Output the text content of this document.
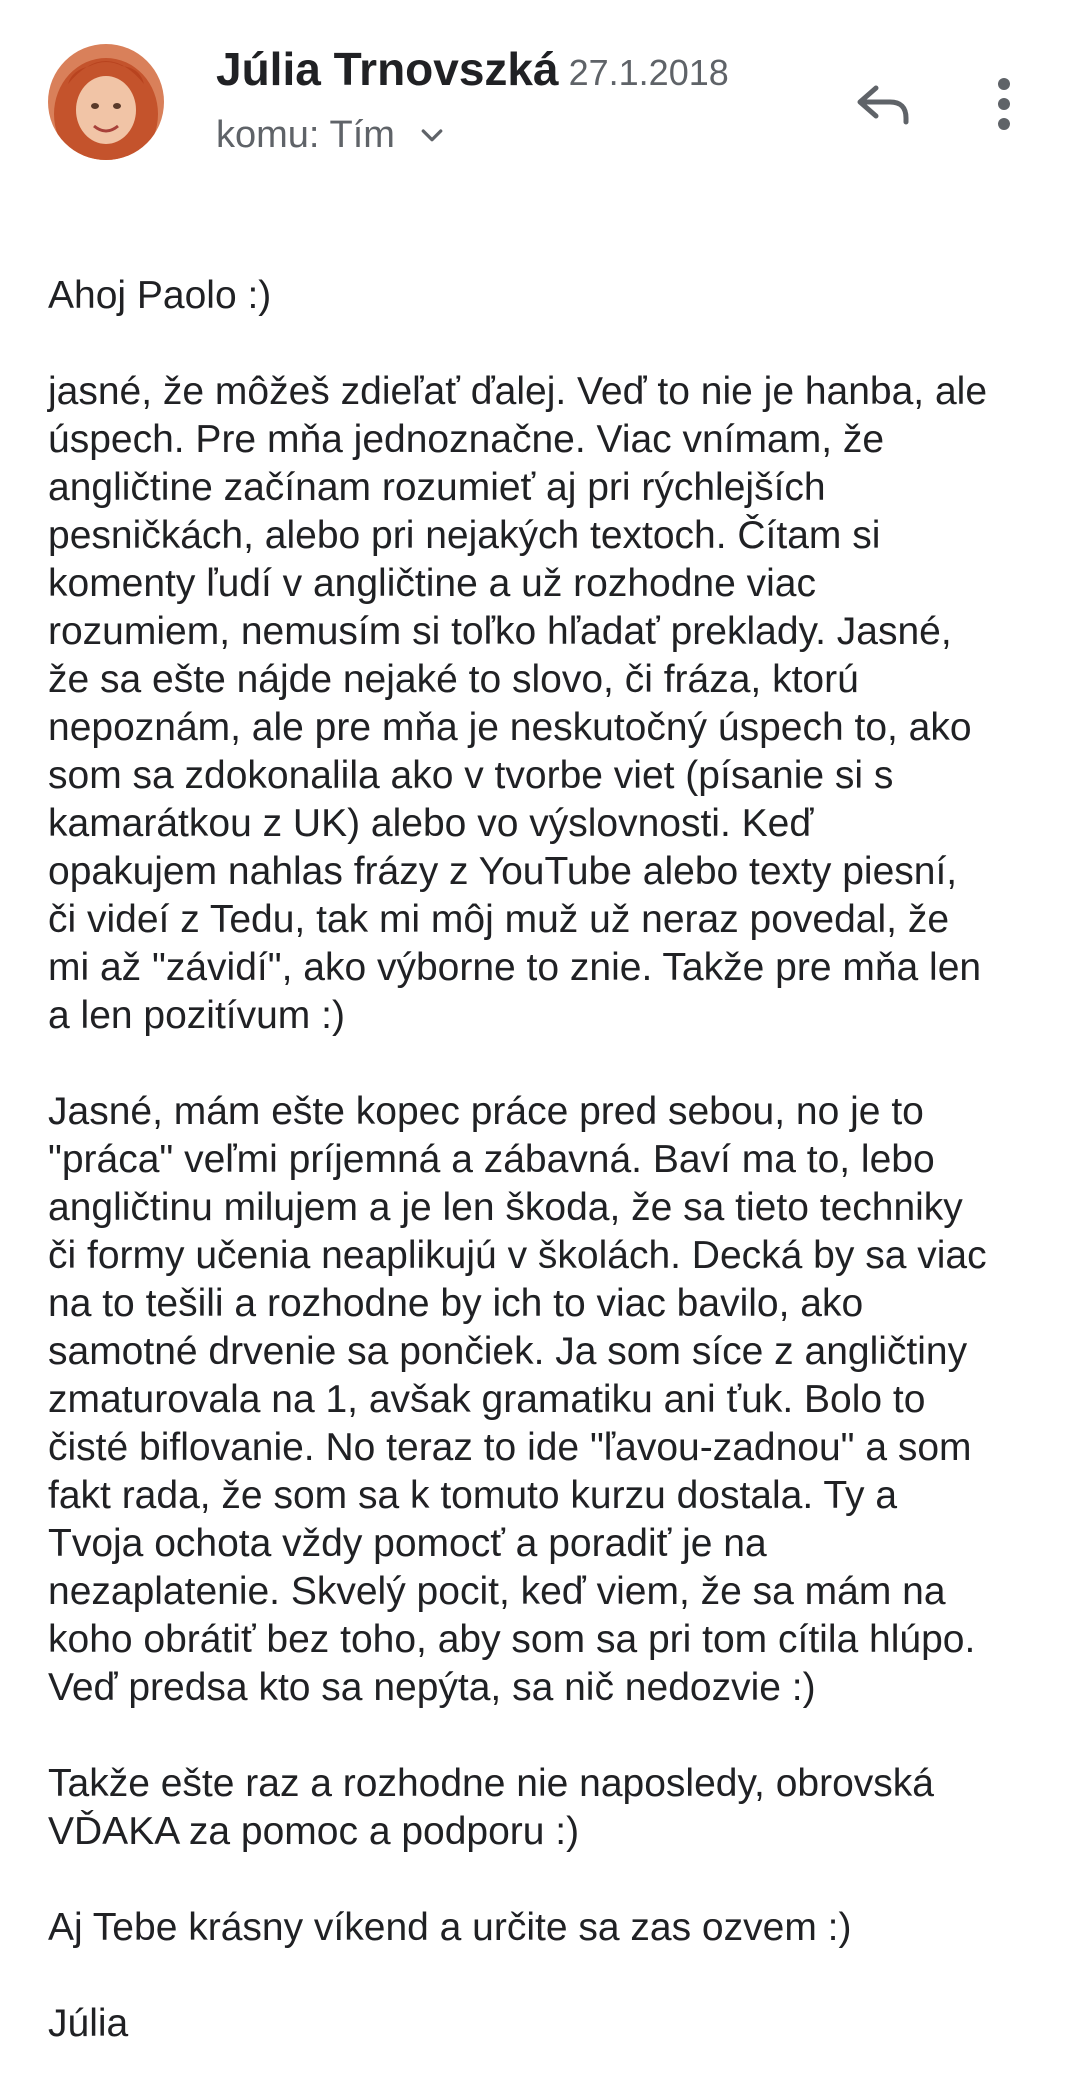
Júlia Trnovszká 27.1.2018
komu: Tím

Ahoj Paolo :)

jasné, že môžeš zdieľať ďalej. Veď to nie je hanba, ale
úspech. Pre mňa jednoznačne. Viac vnímam, že
angličtine začínam rozumieť aj pri rýchlejších
pesničkách, alebo pri nejakých textoch. Čítam si
komenty ľudí v angličtine a už rozhodne viac
rozumiem, nemusím si toľko hľadať preklady. Jasné,
že sa ešte nájde nejaké to slovo, či fráza, ktorú
nepoznám, ale pre mňa je neskutočný úspech to, ako
som sa zdokonalila ako v tvorbe viet (písanie si s
kamarátkou z UK) alebo vo výslovnosti. Keď
opakujem nahlas frázy z YouTube alebo texty piesní,
či videí z Tedu, tak mi môj muž už neraz povedal, že
mi až "závidí", ako výborne to znie. Takže pre mňa len
a len pozitívum :)

Jasné, mám ešte kopec práce pred sebou, no je to
"práca" veľmi príjemná a zábavná. Baví ma to, lebo
angličtinu milujem a je len škoda, že sa tieto techniky
či formy učenia neaplikujú v školách. Decká by sa viac
na to tešili a rozhodne by ich to viac bavilo, ako
samotné drvenie sa pončiek. Ja som síce z angličtiny
zmaturovala na 1, avšak gramatiku ani ťuk. Bolo to
čisté biflovanie. No teraz to ide "ľavou-zadnou" a som
fakt rada, že som sa k tomuto kurzu dostala. Ty a
Tvoja ochota vždy pomocť a poradiť je na
nezaplatenie. Skvelý pocit, keď viem, že sa mám na
koho obrátiť bez toho, aby som sa pri tom cítila hlúpo.
Veď predsa kto sa nepýta, sa nič nedozvie :)

Takže ešte raz a rozhodne nie naposledy, obrovská
VĎAKA za pomoc a podporu :)

Aj Tebe krásny víkend a určite sa zas ozvem :)

Júlia
